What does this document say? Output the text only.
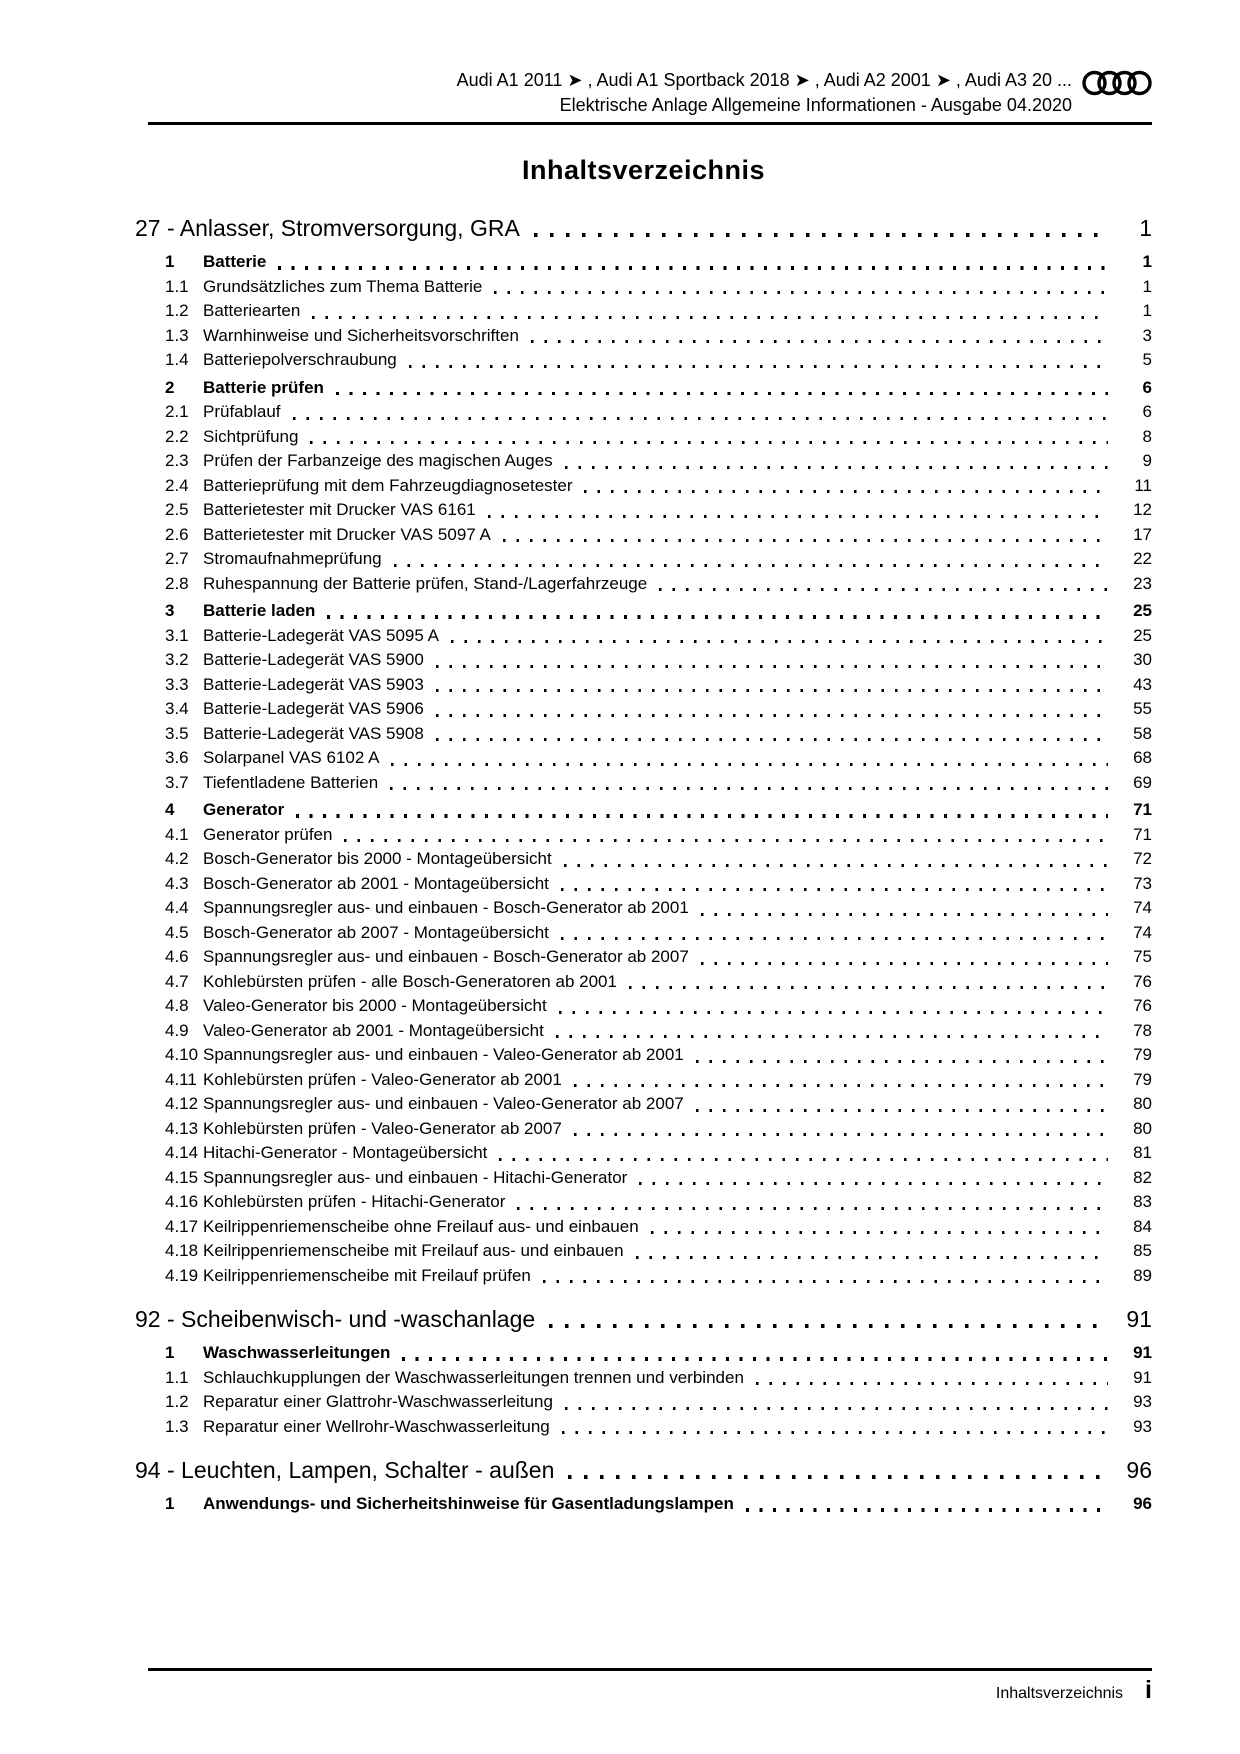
Audi A1 2011 ➤ , Audi A1 Sportback 2018 ➤ , Audi A2 2001 ➤ , Audi A3 20 ...
Elektrische Anlage Allgemeine Informationen - Ausgabe 04.2020
Inhaltsverzeichnis
27 - Anlasser, Stromversorgung, GRA	1
1	Batterie	1
1.1 Grundsätzliches zum Thema Batterie	1
1.2 Batteriearten	1
1.3 Warnhinweise und Sicherheitsvorschriften	3
1.4 Batteriepolverschraubung	5
2	Batterie prüfen	6
2.1 Prüfablauf	6
2.2 Sichtprüfung	8
2.3 Prüfen der Farbanzeige des magischen Auges	9
2.4 Batterieprüfung mit dem Fahrzeugdiagnosetester	11
2.5 Batterietester mit Drucker VAS 6161	12
2.6 Batterietester mit Drucker VAS 5097 A	17
2.7 Stromaufnahmeprüfung	22
2.8 Ruhespannung der Batterie prüfen, Stand-/Lagerfahrzeuge	23
3	Batterie laden	25
3.1 Batterie-Ladegerät VAS 5095 A	25
3.2 Batterie-Ladegerät VAS 5900	30
3.3 Batterie-Ladegerät VAS 5903	43
3.4 Batterie-Ladegerät VAS 5906	55
3.5 Batterie-Ladegerät VAS 5908	58
3.6 Solarpanel VAS 6102 A	68
3.7 Tiefentladene Batterien	69
4	Generator	71
4.1 Generator prüfen	71
4.2 Bosch-Generator bis 2000 - Montageübersicht	72
4.3 Bosch-Generator ab 2001 - Montageübersicht	73
4.4 Spannungsregler aus- und einbauen - Bosch-Generator ab 2001	74
4.5 Bosch-Generator ab 2007 - Montageübersicht	74
4.6 Spannungsregler aus- und einbauen - Bosch-Generator ab 2007	75
4.7 Kohlebürsten prüfen - alle Bosch-Generatoren ab 2001	76
4.8 Valeo-Generator bis 2000 - Montageübersicht	76
4.9 Valeo-Generator ab 2001 - Montageübersicht	78
4.10 Spannungsregler aus- und einbauen - Valeo-Generator ab 2001	79
4.11 Kohlebürsten prüfen - Valeo-Generator ab 2001	79
4.12 Spannungsregler aus- und einbauen - Valeo-Generator ab 2007	80
4.13 Kohlebürsten prüfen - Valeo-Generator ab 2007	80
4.14 Hitachi-Generator - Montageübersicht	81
4.15 Spannungsregler aus- und einbauen - Hitachi-Generator	82
4.16 Kohlebürsten prüfen - Hitachi-Generator	83
4.17 Keilrippenriemenscheibe ohne Freilauf aus- und einbauen	84
4.18 Keilrippenriemenscheibe mit Freilauf aus- und einbauen	85
4.19 Keilrippenriemenscheibe mit Freilauf prüfen	89
92 - Scheibenwisch- und -waschanlage	91
1	Waschwasserleitungen	91
1.1 Schlauchkupplungen der Waschwasserleitungen trennen und verbinden	91
1.2 Reparatur einer Glattrohr-Waschwasserleitung	93
1.3 Reparatur einer Wellrohr-Waschwasserleitung	93
94 - Leuchten, Lampen, Schalter - außen	96
1	Anwendungs- und Sicherheitshinweise für Gasentladungslampen	96
Inhaltsverzeichnis i
